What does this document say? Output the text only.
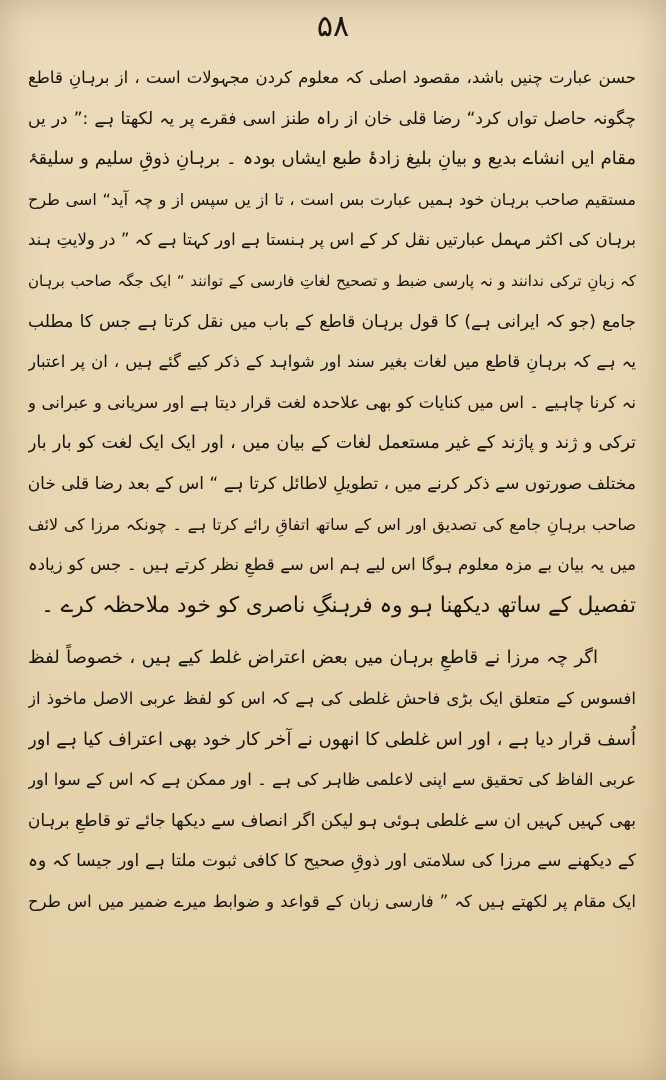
۵۸
حسن عبارت چنیں باشد، مقصود اصلی کہ معلوم کردن مجہولات است ، از برہانِ قاطع
چگونہ حاصل تواں کرد“ رضا قلی خان از راہ طنز اسی فقرے پر یہ لکھتا ہے :” در یں
مقام ایں انشاے بدیع و بیانِ بلیغ زادۂ طبع ایشاں بودہ ۔ برہانِ ذوقِ سلیم و سلیقۂ
مستقیم صاحب برہان خود ہمیں عبارت بس است ، تا از یں سپس از و چہ آید“ اسی طرح
برہان کی اکثر مہمل عبارتیں نقل کر کے اس پر ہنستا ہے اور کہتا ہے کہ ” در ولایتِ ہند
کہ زبانِ ترکی ندانند و نہ پارسی ضبط و تصحیح لغاتِ فارسی کے توانند “ ایک جگہ صاحب برہان
جامع (جو کہ ایرانی ہے) کا قول برہان قاطع کے باب میں نقل کرتا ہے جس کا مطلب
یہ ہے کہ برہانِ قاطع میں لغات بغیر سند اور شواہد کے ذکر کیے گئے ہیں ، ان پر اعتبار
نہ کرنا چاہیے ۔ اس میں کنایات کو بھی علاحدہ لغت قرار دیتا ہے اور سریانی و عبرانی و
ترکی و ژند و پاژند کے غیر مستعمل لغات کے بیان میں ، اور ایک ایک لغت کو بار بار
مختلف صورتوں سے ذکر کرنے میں ، تطویلِ لاطائل کرتا ہے “ اس کے بعد رضا قلی خان
صاحب برہانِ جامع کی تصدیق اور اس کے ساتھ اتفاقِ رائے کرتا ہے ۔ چونکہ مرزا کی لائف
میں یہ بیان بے مزہ معلوم ہوگا اس لیے ہم اس سے قطعِ نظر کرتے ہیں ۔ جس کو زیادہ
تفصیل کے ساتھ دیکھنا ہو وہ فرہنگِ ناصری کو خود ملاحظہ کرے ۔
اگر چہ مرزا نے قاطعِ برہان میں بعض اعتراض غلط کیے ہیں ، خصوصاً لفظ
افسوس کے متعلق ایک بڑی فاحش غلطی کی ہے کہ اس کو لفظ عربی الاصل ماخوذ از
اُسف قرار دیا ہے ، اور اس غلطی کا انھوں نے آخر کار خود بھی اعتراف کیا ہے اور
عربی الفاظ کی تحقیق سے اپنی لاعلمی ظاہر کی ہے ۔ اور ممکن ہے کہ اس کے سوا اور
بھی کہیں کہیں ان سے غلطی ہوئی ہو لیکن اگر انصاف سے دیکھا جائے تو قاطعِ برہان
کے دیکھنے سے مرزا کی سلامتی اور ذوقِ صحیح کا کافی ثبوت ملتا ہے اور جیسا کہ وہ
ایک مقام پر لکھتے ہیں کہ ” فارسی زبان کے قواعد و ضوابط میرے ضمیر میں اس طرح
